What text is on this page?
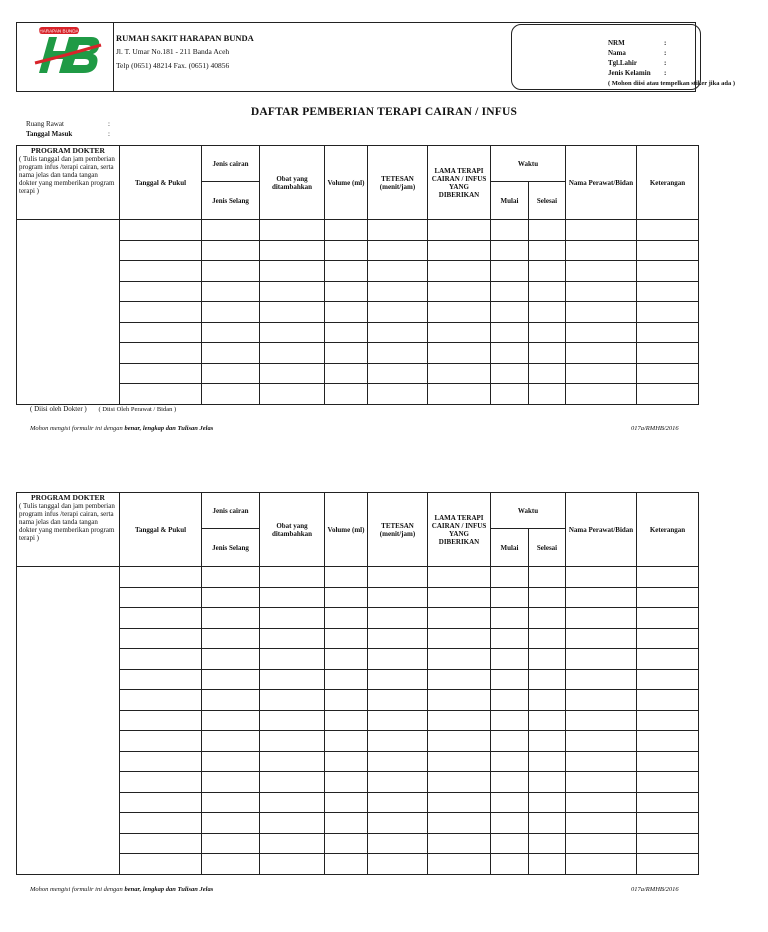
HARAPAN BUNDA
RUMAH SAKIT HARAPAN BUNDA
Jl. T. Umar No.181 - 211 Banda Aceh
Telp (0651) 48214 Fax. (0651) 40856
NRM	:
Nama	:
Tgl.Lahir	:
Jenis Kelamin :
( Mohon diisi atau tempelkan stiker jika ada )
DAFTAR PEMBERIAN TERAPI CAIRAN / INFUS
Ruang Rawat	:
Tanggal Masuk	:
PROGRAM DOKTER
( Tulis tanggal dan jam pemberian program infus /terapi cairan, serta nama jelas dan tanda tangan dokter yang memberikan program terapi )	Tanggal & Pukul	Jenis cairan	Obat yang ditambahkan	Volume (ml)	TETESAN (menit/jam)	LAMA TERAPI CAIRAN / INFUS YANG DIBERIKAN	Waktu		Nama Perawat/Bidan	Keterangan
		Jenis Selang					Mulai	Selesai		

( Diisi oleh Dokter ) ( Diisi Oleh Perawat / Bidan )
Mohon mengisi formulir ini dengan benar, lengkap dan Tulisan Jelas	017a/RMHB/2016
PROGRAM DOKTER
( Tulis tanggal dan jam pemberian program infus /terapi cairan, serta nama jelas dan tanda tangan dokter yang memberikan program terapi )	Tanggal & Pukul	Jenis cairan	Obat yang ditambahkan	Volume (ml)	TETESAN (menit/jam)	LAMA TERAPI CAIRAN / INFUS YANG DIBERIKAN	Waktu		Nama Perawat/Bidan	Keterangan
		Jenis Selang					Mulai	Selesai		

Mohon mengisi formulir ini dengan benar, lengkap dan Tulisan Jelas	017a/RMHB/2016
